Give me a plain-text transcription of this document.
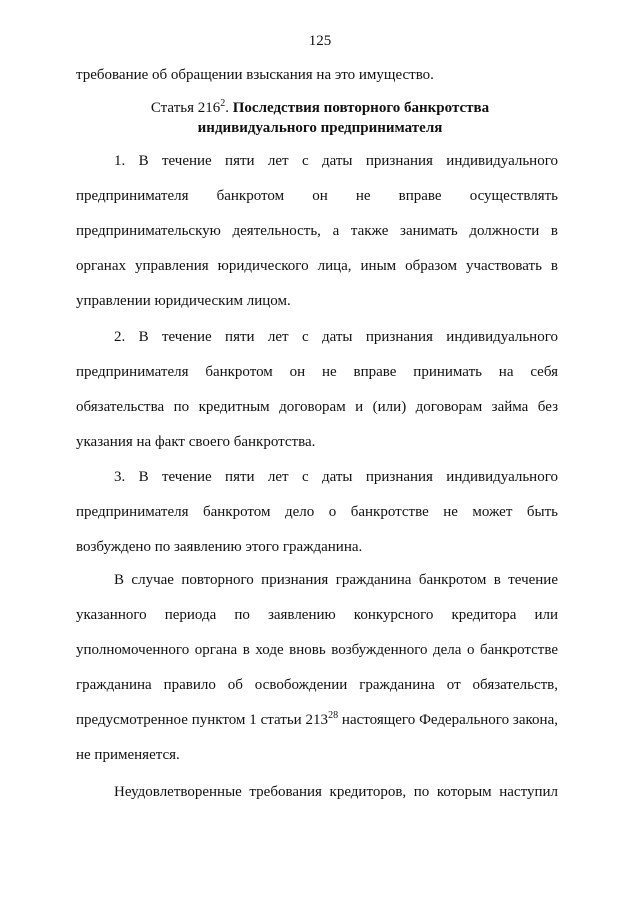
125
требование об обращении взыскания на это имущество.
Статья $216^2$. Последствия повторного банкротства
индивидуального предпринимателя
1. В течение пяти лет с даты признания индивидуального предпринимателя банкротом он не вправе осуществлять предпринимательскую деятельность, а также занимать должности в органах управления юридического лица, иным образом участвовать в управлении юридическим лицом.
2. В течение пяти лет с даты признания индивидуального предпринимателя банкротом он не вправе принимать на себя обязательства по кредитным договорам и (или) договорам займа без указания на факт своего банкротства.
3. В течение пяти лет с даты признания индивидуального предпринимателя банкротом дело о банкротстве не может быть возбуждено по заявлению этого гражданина.
В случае повторного признания гражданина банкротом в течение указанного периода по заявлению конкурсного кредитора или уполномоченного органа в ходе вновь возбужденного дела о банкротстве гражданина правило об освобождении гражданина от обязательств, предусмотренное пунктом 1 статьи $213^{28}$ настоящего Федерального закона, не применяется.
Неудовлетворенные требования кредиторов, по которым наступил
